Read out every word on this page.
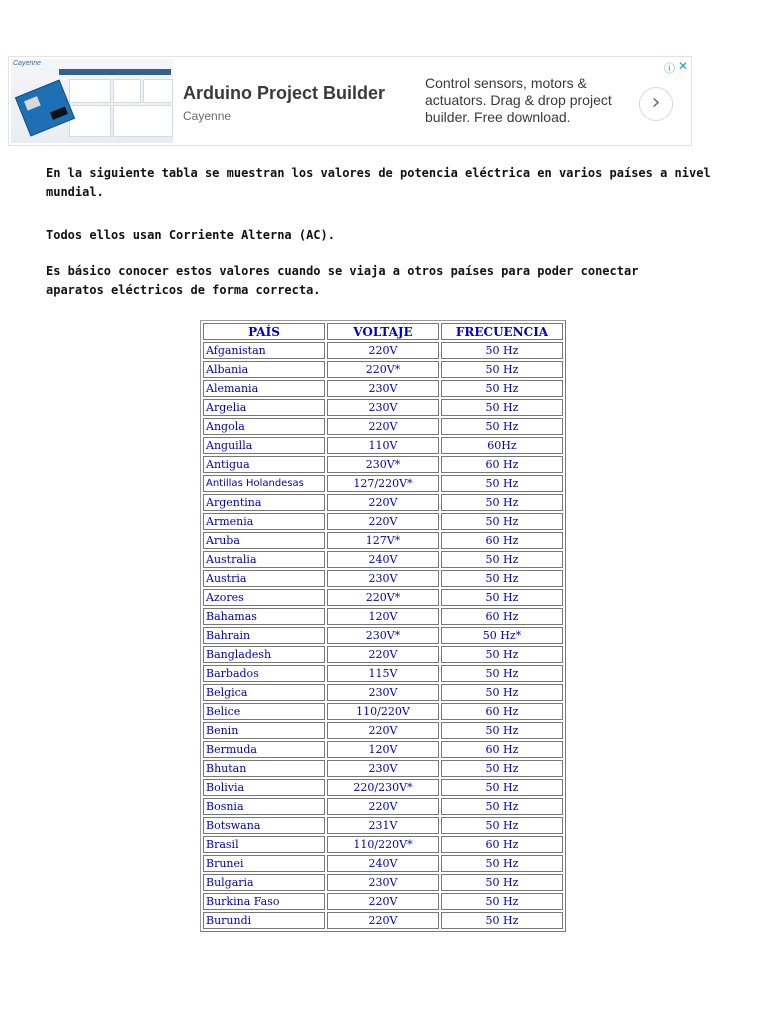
Cayenne
Arduino Project Builder
Cayenne
Control sensors, motors & actuators. Drag & drop project builder. Free download.
›
ⓘ ✕

En la siguiente tabla se muestran los valores de potencia eléctrica en varios países a nivel mundial.

Todos ellos usan Corriente Alterna (AC).

Es básico conocer estos valores cuando se viaja a otros países para poder conectar aparatos eléctricos de forma correcta.

PAÍS	VOLTAJE	FRECUENCIA
Afganistan	220V	50 Hz
Albania	220V*	50 Hz
Alemania	230V	50 Hz
Argelia	230V	50 Hz
Angola	220V	50 Hz
Anguilla	110V	60Hz
Antigua	230V*	60 Hz
Antillas Holandesas	127/220V*	50 Hz
Argentina	220V	50 Hz
Armenia	220V	50 Hz
Aruba	127V*	60 Hz
Australia	240V	50 Hz
Austria	230V	50 Hz
Azores	220V*	50 Hz
Bahamas	120V	60 Hz
Bahrain	230V*	50 Hz*
Bangladesh	220V	50 Hz
Barbados	115V	50 Hz
Belgica	230V	50 Hz
Belice	110/220V	60 Hz
Benin	220V	50 Hz
Bermuda	120V	60 Hz
Bhutan	230V	50 Hz
Bolivia	220/230V*	50 Hz
Bosnia	220V	50 Hz
Botswana	231V	50 Hz
Brasil	110/220V*	60 Hz
Brunei	240V	50 Hz
Bulgaria	230V	50 Hz
Burkina Faso	220V	50 Hz
Burundi	220V	50 Hz
